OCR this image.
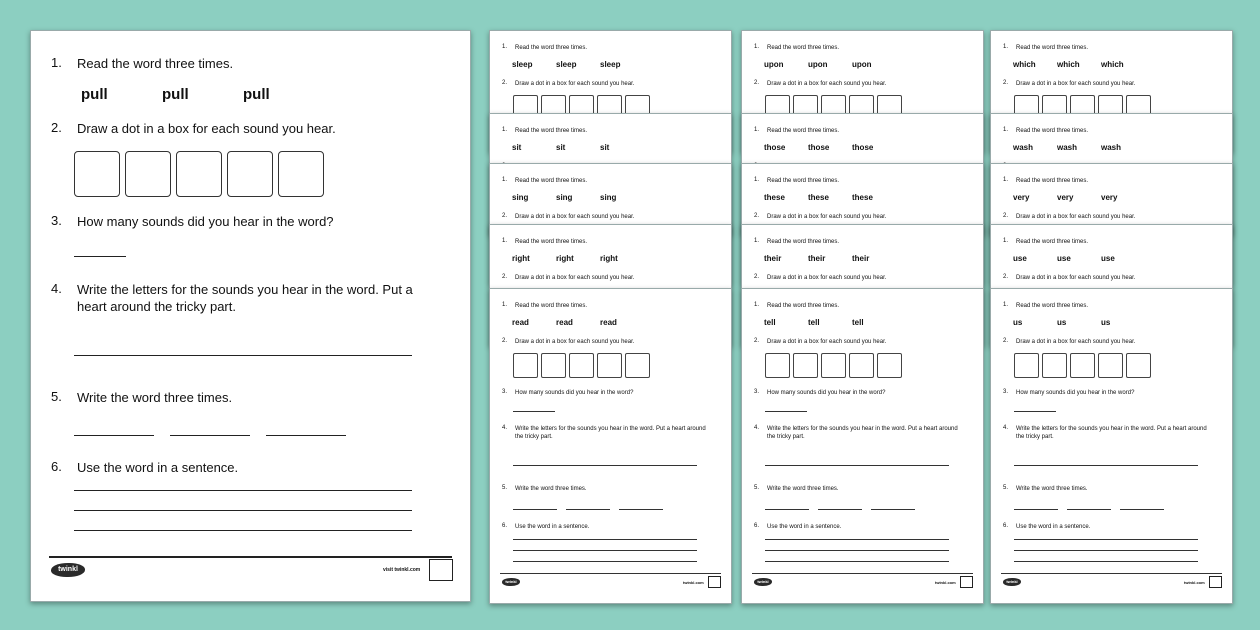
1. Read the word three times.
pull	pull	pull
2. Draw a dot in a box for each sound you hear.
3. How many sounds did you hear in the word?
4. Write the letters for the sounds you hear in the word. Put a heart around the tricky part.
5. Write the word three times.
6. Use the word in a sentence.
twinkl	visit twinkl.com
1. Read the word three times.
sleep	sleep	sleep
2. Draw a dot in a box for each sound you hear.
1. Read the word three times.
sit	sit	sit
1. Read the word three times.
sing	sing	sing
2. Draw a dot in a box for each sound you hear.
1. Read the word three times.
right	right	right
2. Draw a dot in a box for each sound you hear.
1. Read the word three times.
read	read	read
2. Draw a dot in a box for each sound you hear.
3. How many sounds did you hear in the word?
4. Write the letters for the sounds you hear in the word. Put a heart around the tricky part.
5. Write the word three times.
6. Use the word in a sentence.
twinkl	twinkl.com
1. Read the word three times.
upon	upon	upon
2. Draw a dot in a box for each sound you hear.
1. Read the word three times.
those	those	those
1. Read the word three times.
these	these	these
2. Draw a dot in a box for each sound you hear.
1. Read the word three times.
their	their	their
2. Draw a dot in a box for each sound you hear.
1. Read the word three times.
tell	tell	tell
2. Draw a dot in a box for each sound you hear.
3. How many sounds did you hear in the word?
4. Write the letters for the sounds you hear in the word. Put a heart around the tricky part.
5. Write the word three times.
6. Use the word in a sentence.
twinkl	twinkl.com
1. Read the word three times.
which	which	which
2. Draw a dot in a box for each sound you hear.
1. Read the word three times.
wash	wash	wash
1. Read the word three times.
very	very	very
2. Draw a dot in a box for each sound you hear.
1. Read the word three times.
use	use	use
2. Draw a dot in a box for each sound you hear.
1. Read the word three times.
us	us	us
2. Draw a dot in a box for each sound you hear.
3. How many sounds did you hear in the word?
4. Write the letters for the sounds you hear in the word. Put a heart around the tricky part.
5. Write the word three times.
6. Use the word in a sentence.
twinkl	twinkl.com
